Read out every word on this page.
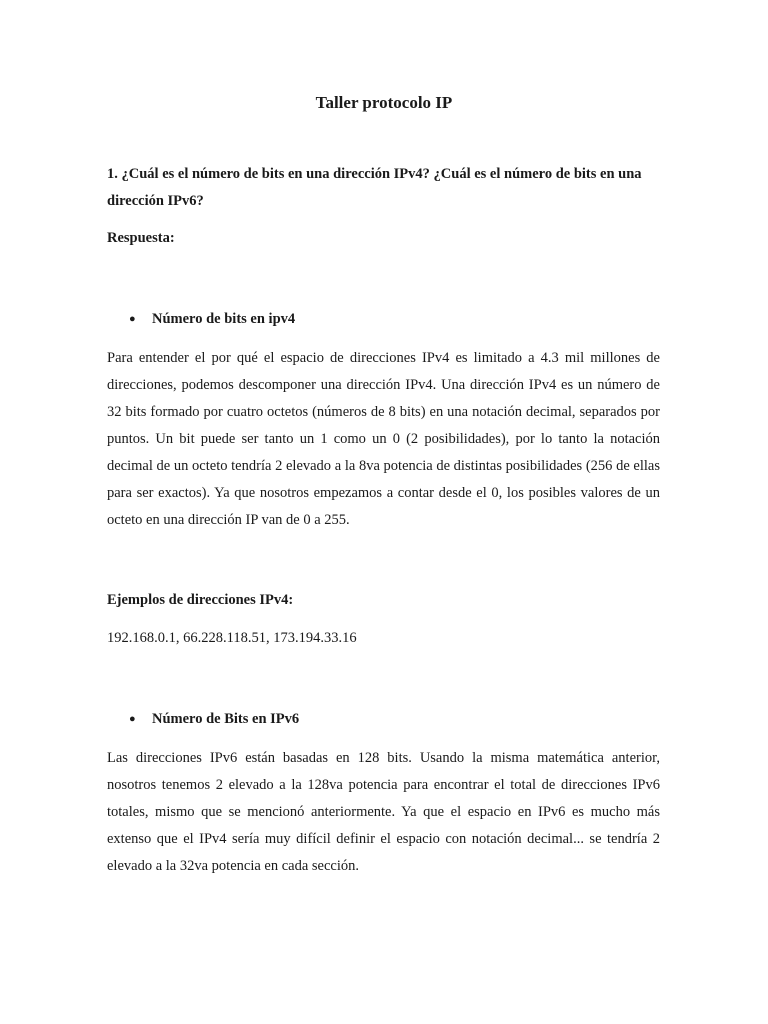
Taller protocolo IP
1. ¿Cuál es el número de bits en una dirección IPv4? ¿Cuál es el número de bits en una dirección IPv6?
Respuesta:
● Número de bits en ipv4
Para entender el por qué el espacio de direcciones IPv4 es limitado a 4.3 mil millones de direcciones, podemos descomponer una dirección IPv4. Una dirección IPv4 es un número de 32 bits formado por cuatro octetos (números de 8 bits) en una notación decimal, separados por puntos. Un bit puede ser tanto un 1 como un 0 (2 posibilidades), por lo tanto la notación decimal de un octeto tendría 2 elevado a la 8va potencia de distintas posibilidades (256 de ellas para ser exactos). Ya que nosotros empezamos a contar desde el 0, los posibles valores de un octeto en una dirección IP van de 0 a 255.
Ejemplos de direcciones IPv4:
192.168.0.1, 66.228.118.51, 173.194.33.16
● Número de Bits en IPv6
Las direcciones IPv6 están basadas en 128 bits. Usando la misma matemática anterior, nosotros tenemos 2 elevado a la 128va potencia para encontrar el total de direcciones IPv6 totales, mismo que se mencionó anteriormente. Ya que el espacio en IPv6 es mucho más extenso que el IPv4 sería muy difícil definir el espacio con notación decimal... se tendría 2 elevado a la 32va potencia en cada sección.
